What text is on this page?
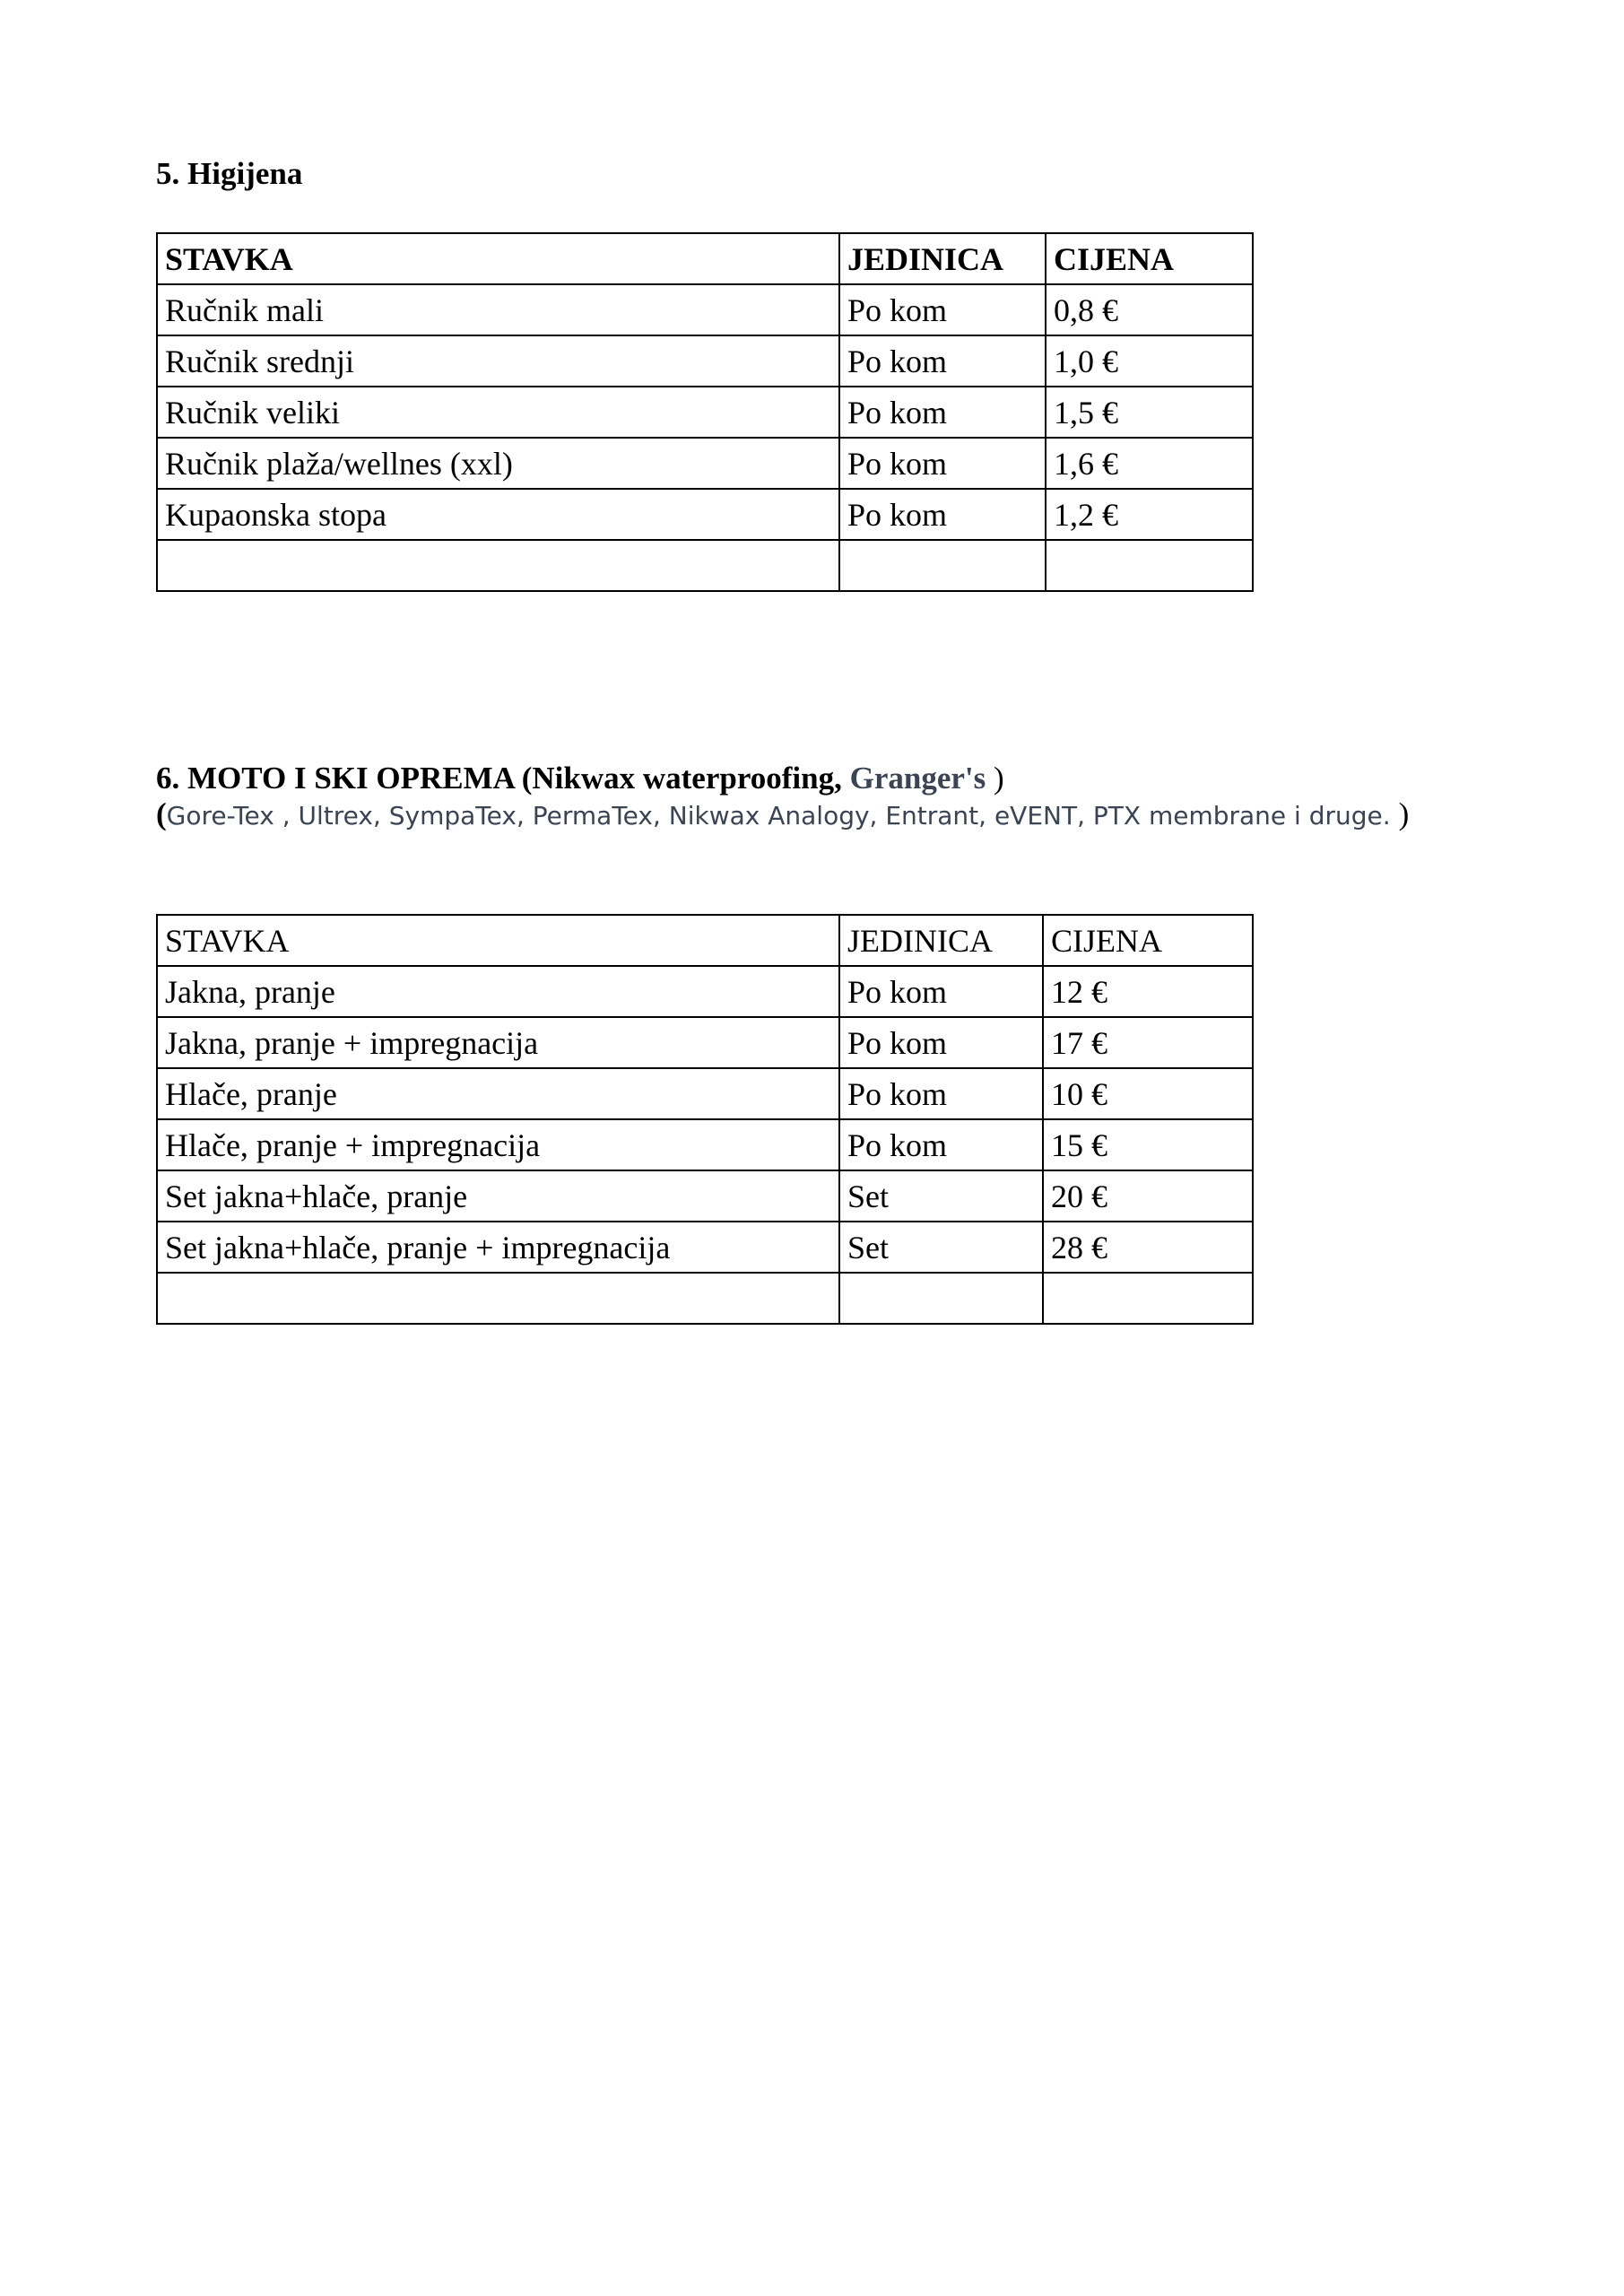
5. Higijena
STAVKA	JEDINICA	CIJENA
Ručnik mali	Po kom	0,8 €
Ručnik srednji	Po kom	1,0 €
Ručnik veliki	Po kom	1,5 €
Ručnik plaža/wellnes (xxl)	Po kom	1,6 €
Kupaonska stopa	Po kom	1,2 €

6. MOTO I SKI OPREMA (Nikwax waterproofing, Granger's )
(Gore-Tex , Ultrex, SympaTex, PermaTex, Nikwax Analogy, Entrant, eVENT, PTX membrane i druge. )
STAVKA	JEDINICA	CIJENA
Jakna, pranje	Po kom	12 €
Jakna, pranje + impregnacija	Po kom	17 €
Hlače, pranje	Po kom	10 €
Hlače, pranje + impregnacija	Po kom	15 €
Set jakna+hlače, pranje	Set	20 €
Set jakna+hlače, pranje + impregnacija	Set	28 €
